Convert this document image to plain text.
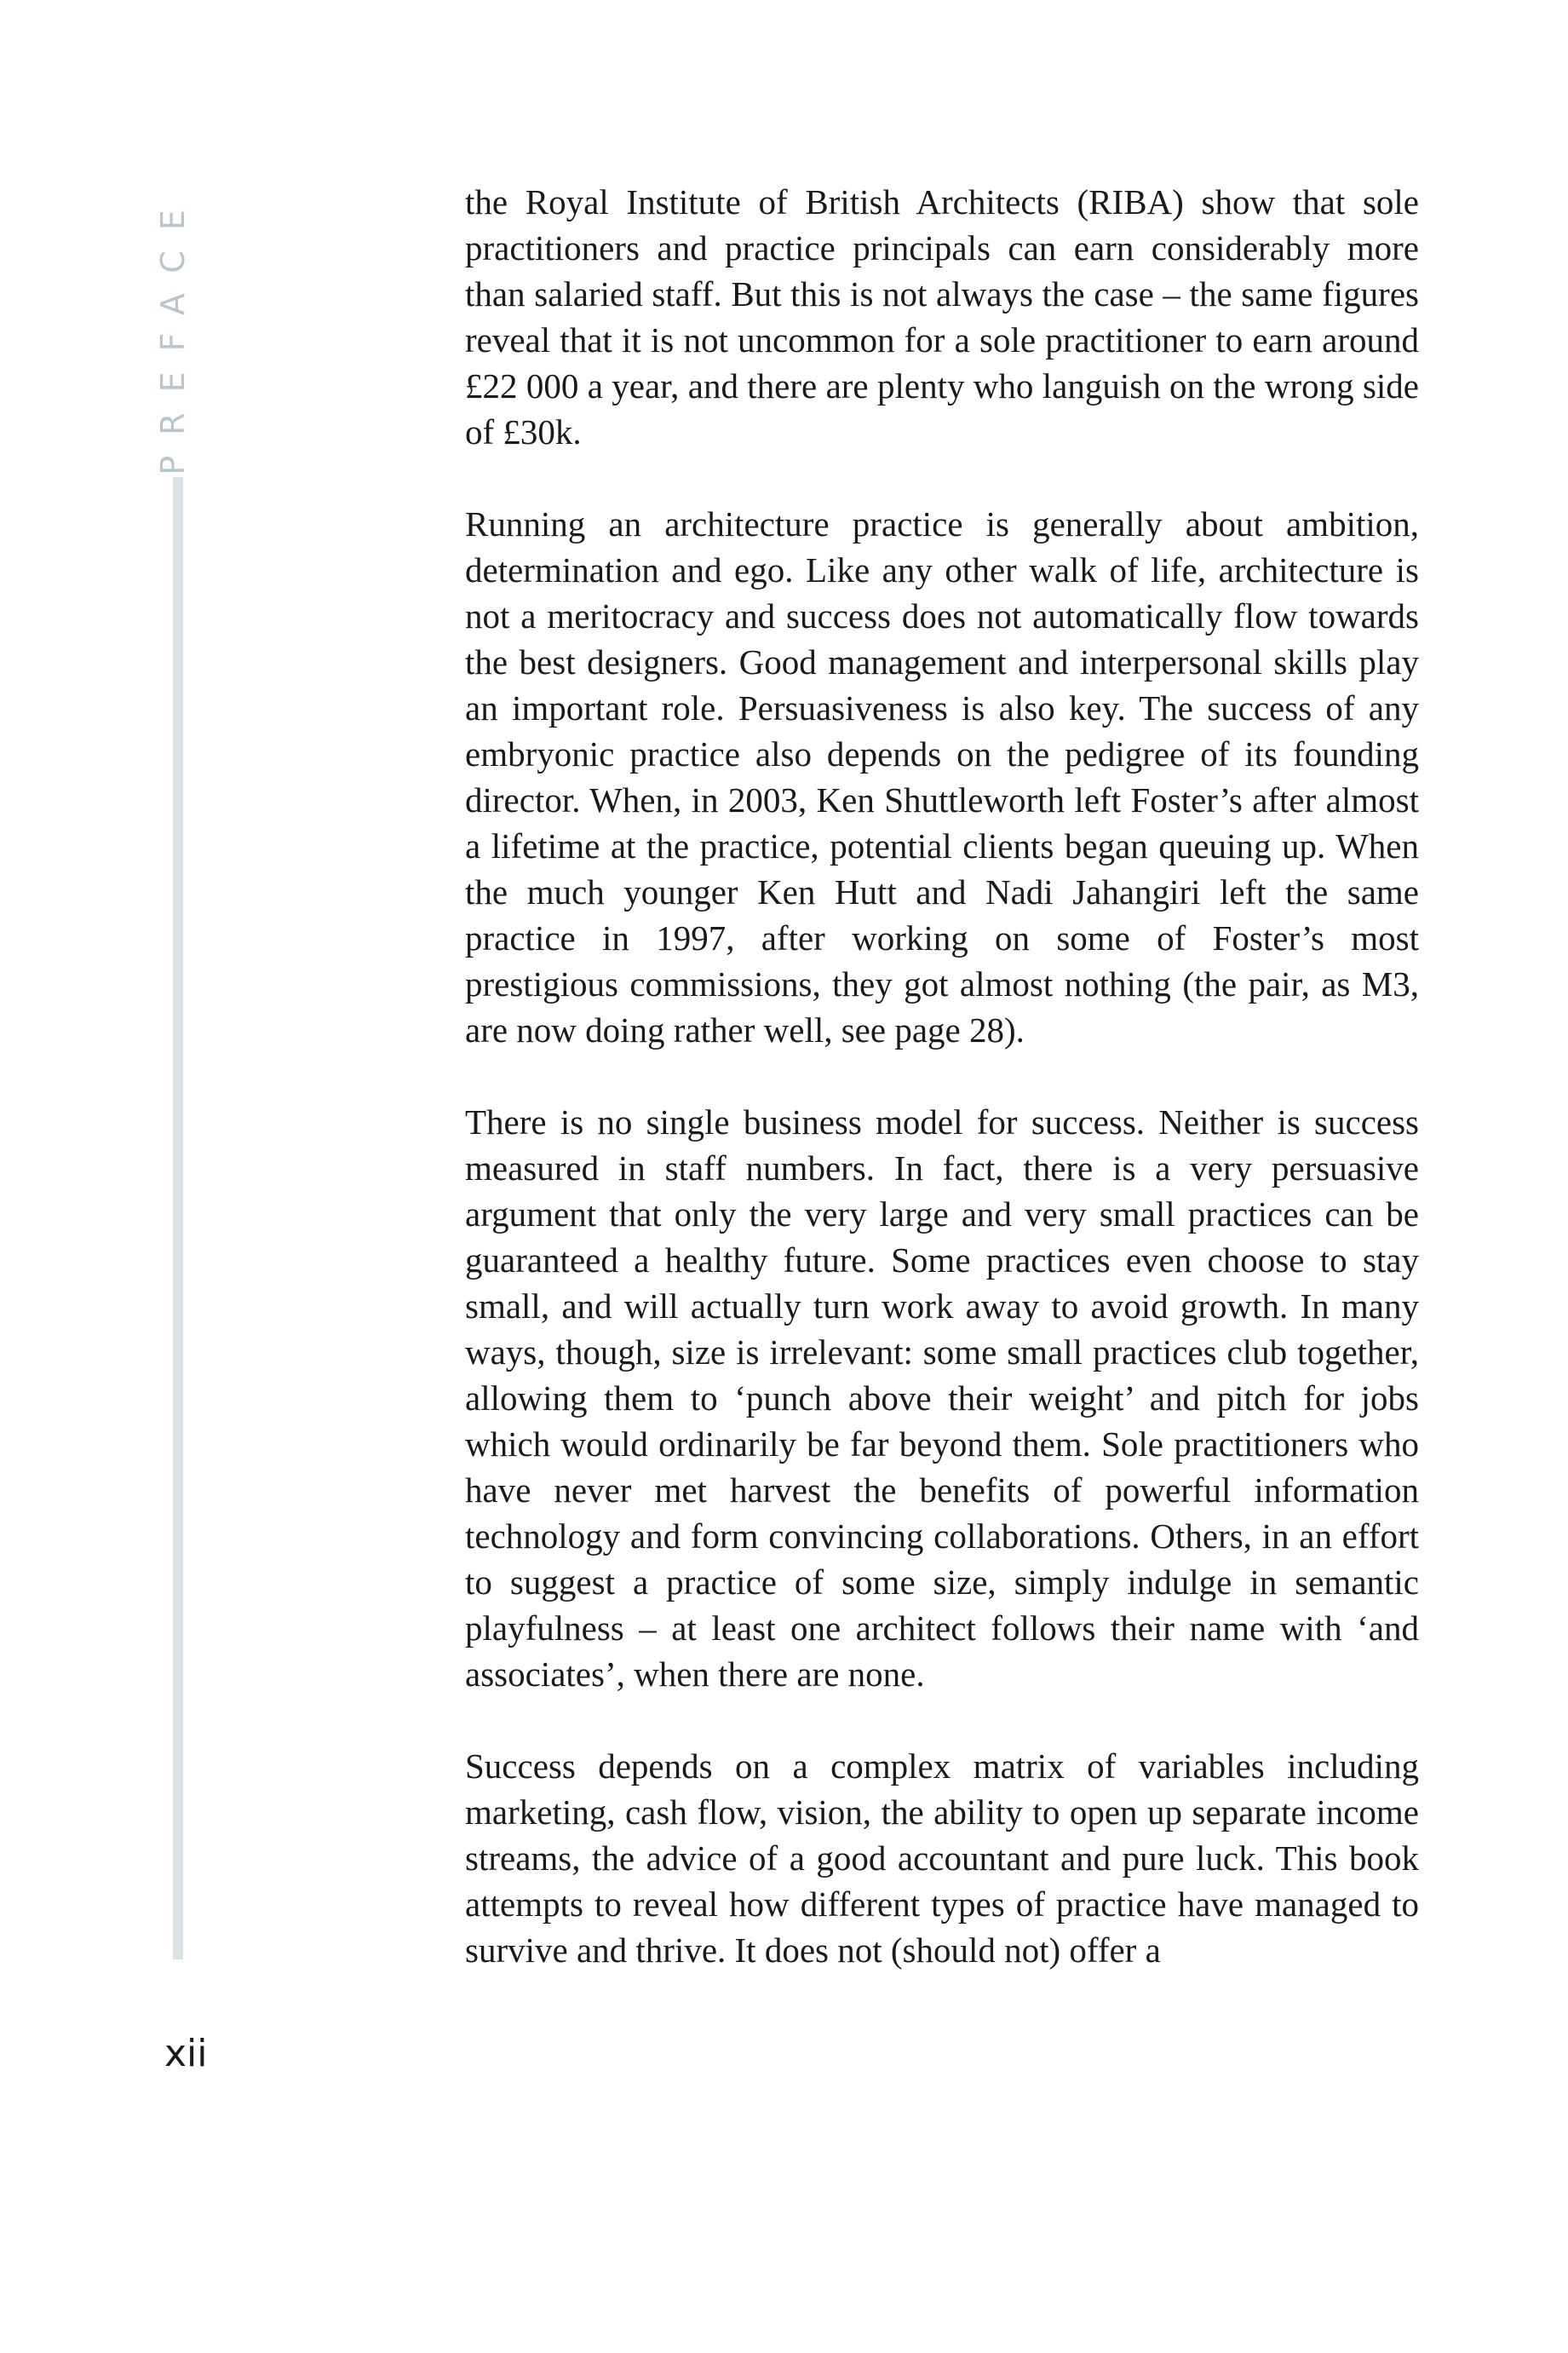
PREFACE	the Royal Institute of British Architects (RIBA) show that sole practitioners and practice principals can earn considerably more than salaried staff. But this is not always the case – the same figures reveal that it is not uncommon for a sole practitioner to earn around £22 000 a year, and there are plenty who languish on the wrong side of £30k.

Running an architecture practice is generally about ambition, determination and ego. Like any other walk of life, architecture is not a meritocracy and success does not automatically flow towards the best designers. Good management and interpersonal skills play an important role. Persuasiveness is also key. The success of any embryonic practice also depends on the pedigree of its founding director. When, in 2003, Ken Shuttleworth left Foster’s after almost a lifetime at the practice, potential clients began queuing up. When the much younger Ken Hutt and Nadi Jahangiri left the same practice in 1997, after working on some of Foster’s most prestigious commissions, they got almost nothing (the pair, as M3, are now doing rather well, see page 28).

There is no single business model for success. Neither is success measured in staff numbers. In fact, there is a very persuasive argument that only the very large and very small practices can be guaranteed a healthy future. Some practices even choose to stay small, and will actually turn work away to avoid growth. In many ways, though, size is irrelevant: some small practices club together, allowing them to ‘punch above their weight’ and pitch for jobs which would ordinarily be far beyond them. Sole practitioners who have never met harvest the benefits of powerful information technology and form convincing collaborations. Others, in an effort to suggest a practice of some size, simply indulge in semantic playfulness – at least one architect follows their name with ‘and associates’, when there are none.

Success depends on a complex matrix of variables including marketing, cash flow, vision, the ability to open up separate income streams, the advice of a good accountant and pure luck. This book attempts to reveal how different types of practice have managed to survive and thrive. It does not (should not) offer a

xii
